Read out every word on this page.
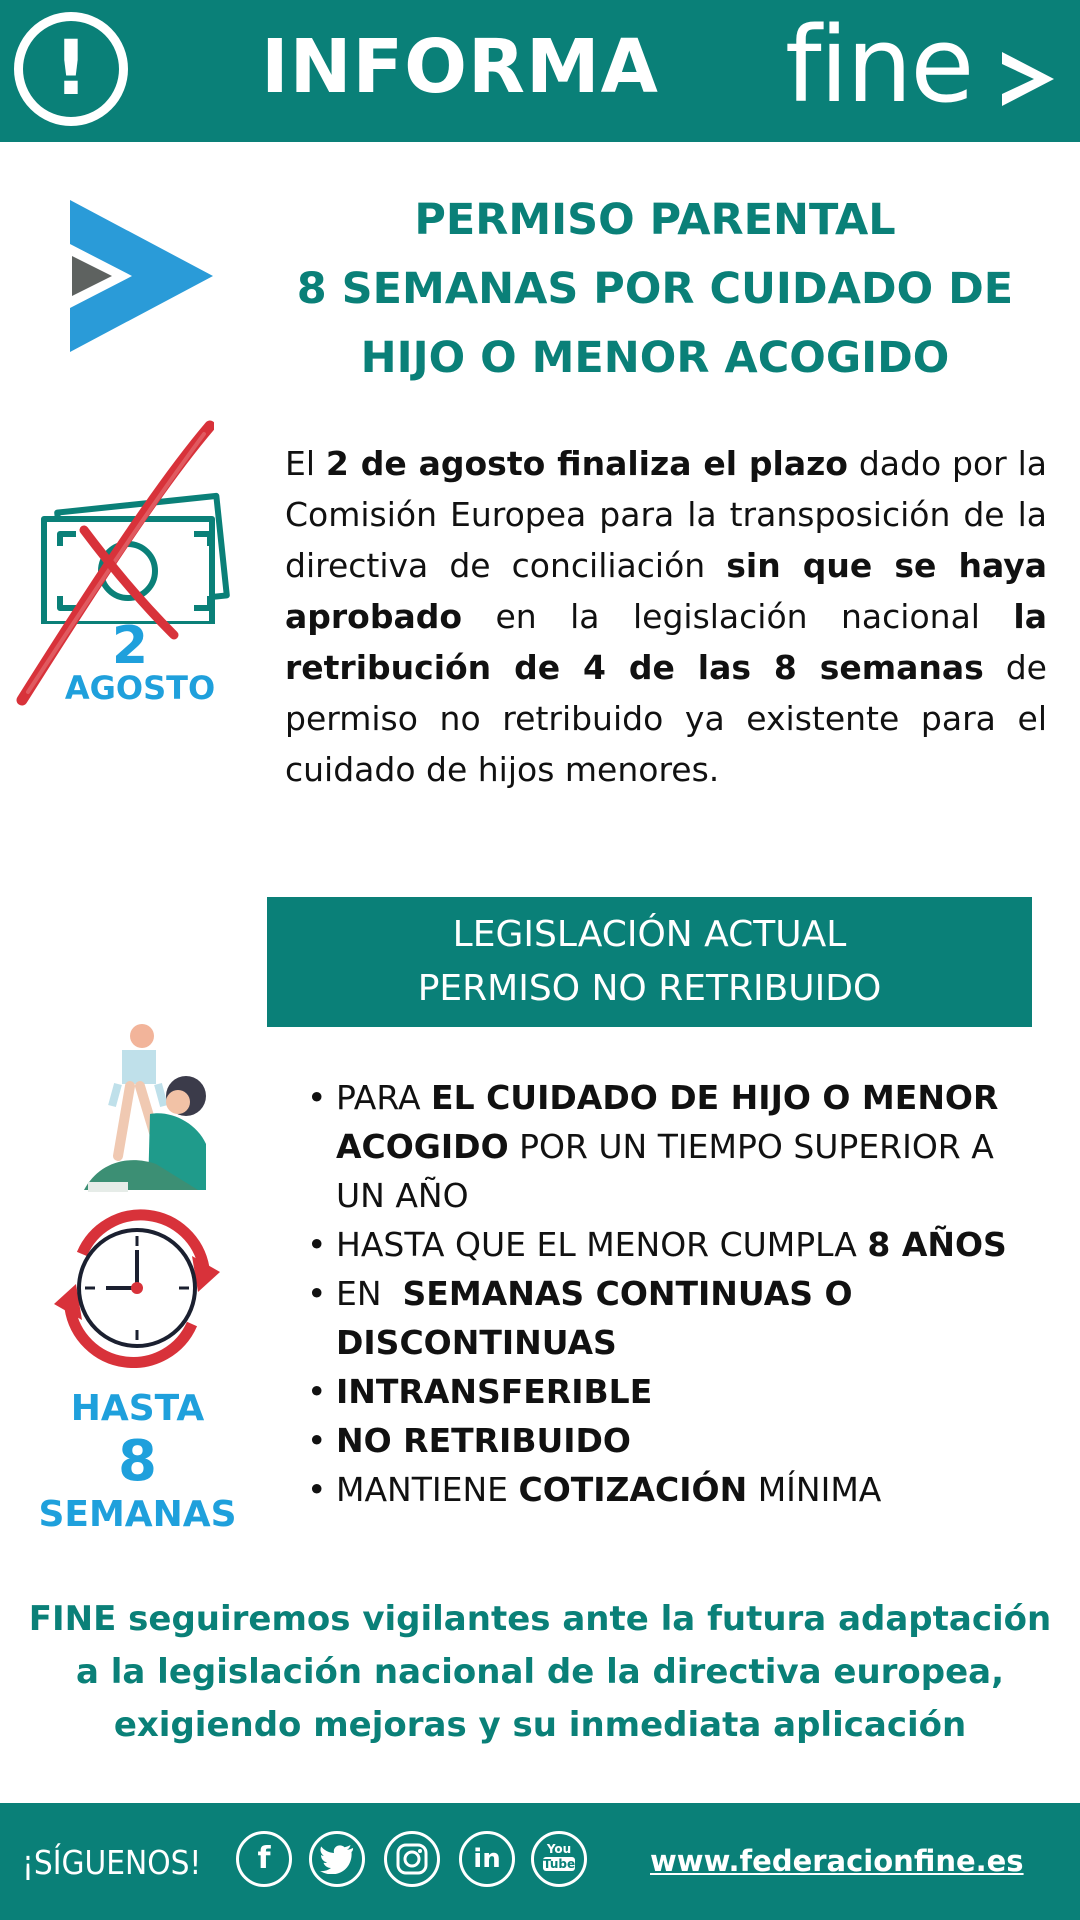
!	INFORMA	fine
PERMISO PARENTAL
8 SEMANAS POR CUIDADO DE
HIJO O MENOR ACOGIDO
2
AGOSTO

El 2 de agosto finaliza el plazo dado por la Comisión Europea para la transposición de la directiva de conciliación sin que se haya aprobado en la legislación nacional la retribución de 4 de las 8 semanas de permiso no retribuido ya existente para el cuidado de hijos menores.

LEGISLACIÓN ACTUAL
PERMISO NO RETRIBUIDO
HASTA
8
SEMANAS
• PARA EL CUIDADO DE HIJO O MENOR ACOGIDO POR UN TIEMPO SUPERIOR A UN AÑO
• HASTA QUE EL MENOR CUMPLA 8 AÑOS
• EN  SEMANAS CONTINUAS O DISCONTINUAS
• INTRANSFERIBLE
• NO RETRIBUIDO
• MANTIENE COTIZACIÓN MÍNIMA
FINE seguiremos vigilantes ante la futura adaptación
a la legislación nacional de la directiva europea,
exigiendo mejoras y su inmediata aplicación
¡SÍGUENOS!	f	in	You
Tube	www.federacionfine.es
